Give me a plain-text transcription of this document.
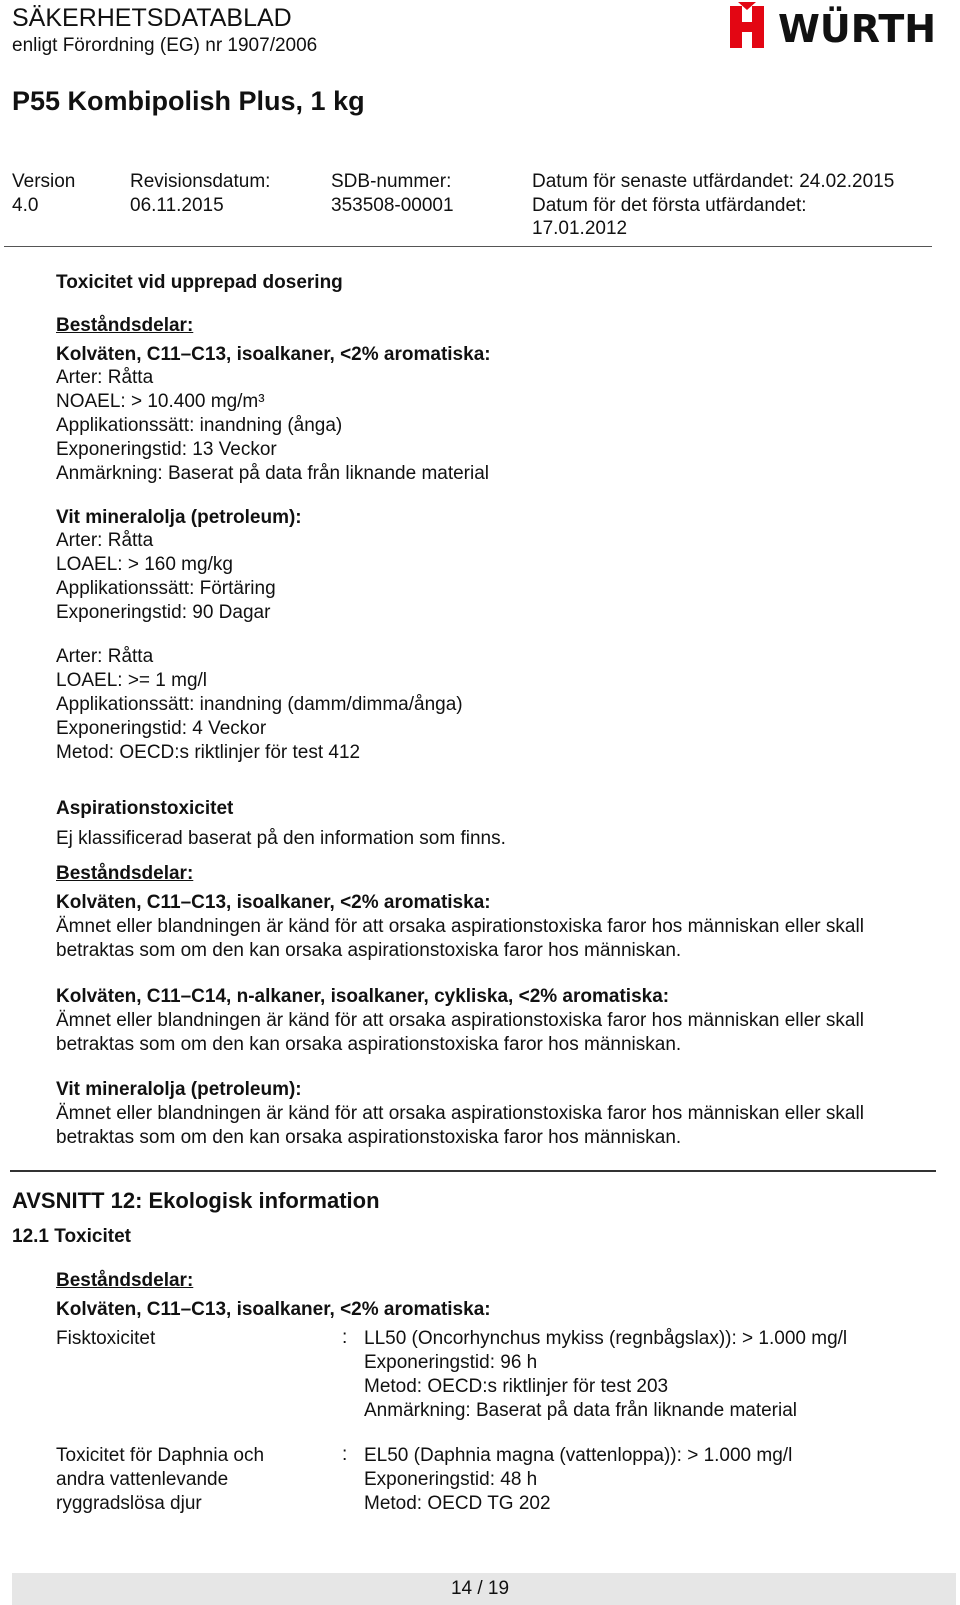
SÄKERHETSDATABLAD
enligt Förordning (EG) nr 1907/2006	WÜRTH
P55 Kombipolish Plus, 1 kg
Version
4.0
Revisionsdatum:
06.11.2015
SDB-nummer:
353508-00001
Datum för senaste utfärdandet: 24.02.2015
Datum för det första utfärdandet:
17.01.2012
Toxicitet vid upprepad dosering
Beståndsdelar:
Kolväten, C11–C13, isoalkaner, <2% aromatiska:
Arter: Råtta
NOAEL: > 10.400 mg/m³
Applikationssätt: inandning (ånga)
Exponeringstid: 13 Veckor
Anmärkning: Baserat på data från liknande material
Vit mineralolja (petroleum):
Arter: Råtta
LOAEL: > 160 mg/kg
Applikationssätt: Förtäring
Exponeringstid: 90 Dagar
Arter: Råtta
LOAEL: >= 1 mg/l
Applikationssätt: inandning (damm/dimma/ånga)
Exponeringstid: 4 Veckor
Metod: OECD:s riktlinjer för test 412
Aspirationstoxicitet
Ej klassificerad baserat på den information som finns.
Beståndsdelar:
Kolväten, C11–C13, isoalkaner, <2% aromatiska:
Ämnet eller blandningen är känd för att orsaka aspirationstoxiska faror hos människan eller skall
betraktas som om den kan orsaka aspirationstoxiska faror hos människan.
Kolväten, C11–C14, n-alkaner, isoalkaner, cykliska, <2% aromatiska:
Ämnet eller blandningen är känd för att orsaka aspirationstoxiska faror hos människan eller skall
betraktas som om den kan orsaka aspirationstoxiska faror hos människan.
Vit mineralolja (petroleum):
Ämnet eller blandningen är känd för att orsaka aspirationstoxiska faror hos människan eller skall
betraktas som om den kan orsaka aspirationstoxiska faror hos människan.
AVSNITT 12: Ekologisk information
12.1 Toxicitet
Beståndsdelar:
Kolväten, C11–C13, isoalkaner, <2% aromatiska:
Fisktoxicitet	: LL50 (Oncorhynchus mykiss (regnbågslax)): > 1.000 mg/l
Exponeringstid: 96 h
Metod: OECD:s riktlinjer för test 203
Anmärkning: Baserat på data från liknande material
Toxicitet för Daphnia och
andra vattenlevande
ryggradslösa djur
: EL50 (Daphnia magna (vattenloppa)): > 1.000 mg/l
Exponeringstid: 48 h
Metod: OECD TG 202
14 / 19
